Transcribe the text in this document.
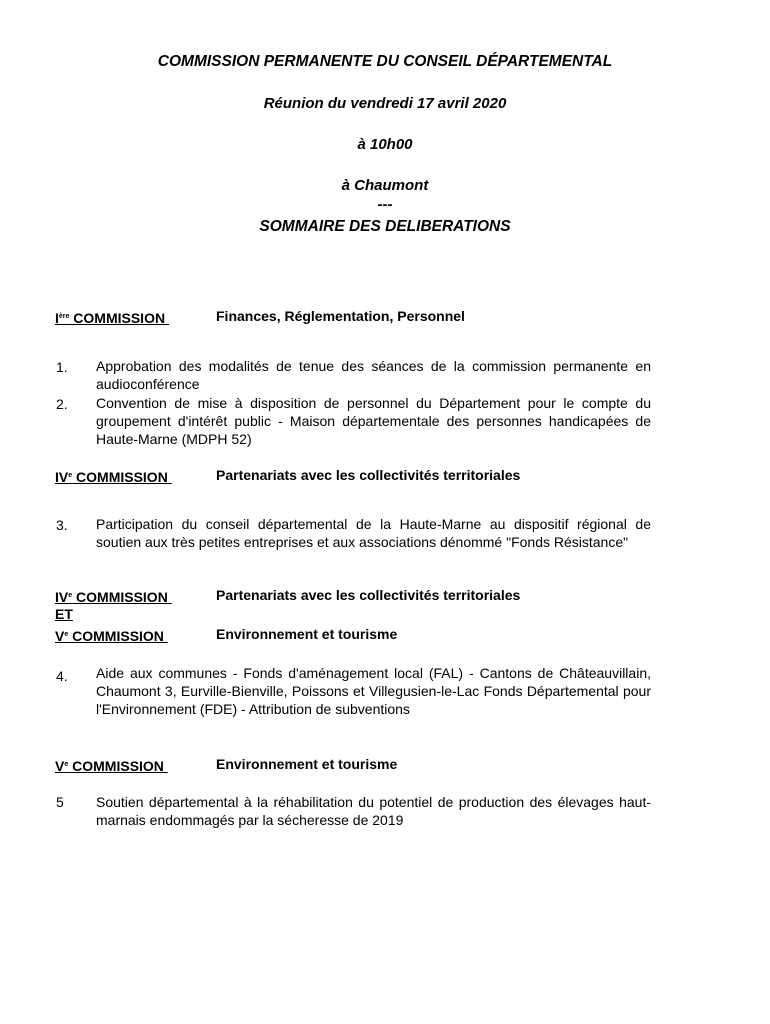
COMMISSION PERMANENTE DU CONSEIL DÉPARTEMENTAL
Réunion du vendredi 17 avril 2020
à 10h00
à Chaumont
---
SOMMAIRE DES DELIBERATIONS
Ière COMMISSION	Finances, Réglementation, Personnel
1. Approbation des modalités de tenue des séances de la commission permanente en audioconférence
2. Convention de mise à disposition de personnel du Département pour le compte du groupement d'intérêt public - Maison départementale des personnes handicapées de Haute-Marne (MDPH 52)
IVe COMMISSION	Partenariats avec les collectivités territoriales
3. Participation du conseil départemental de la Haute-Marne au dispositif régional de soutien aux très petites entreprises et aux associations dénommé "Fonds Résistance"
IVe COMMISSION	Partenariats avec les collectivités territoriales
ET
Ve COMMISSION	Environnement et tourisme
4. Aide aux communes - Fonds d'aménagement local (FAL) - Cantons de Châteauvillain, Chaumont 3, Eurville-Bienville, Poissons et Villegusien-le-Lac Fonds Départemental pour l'Environnement (FDE) - Attribution de subventions
Ve COMMISSION	Environnement et tourisme
5 Soutien départemental à la réhabilitation du potentiel de production des élevages haut-marnais endommagés par la sécheresse de 2019
